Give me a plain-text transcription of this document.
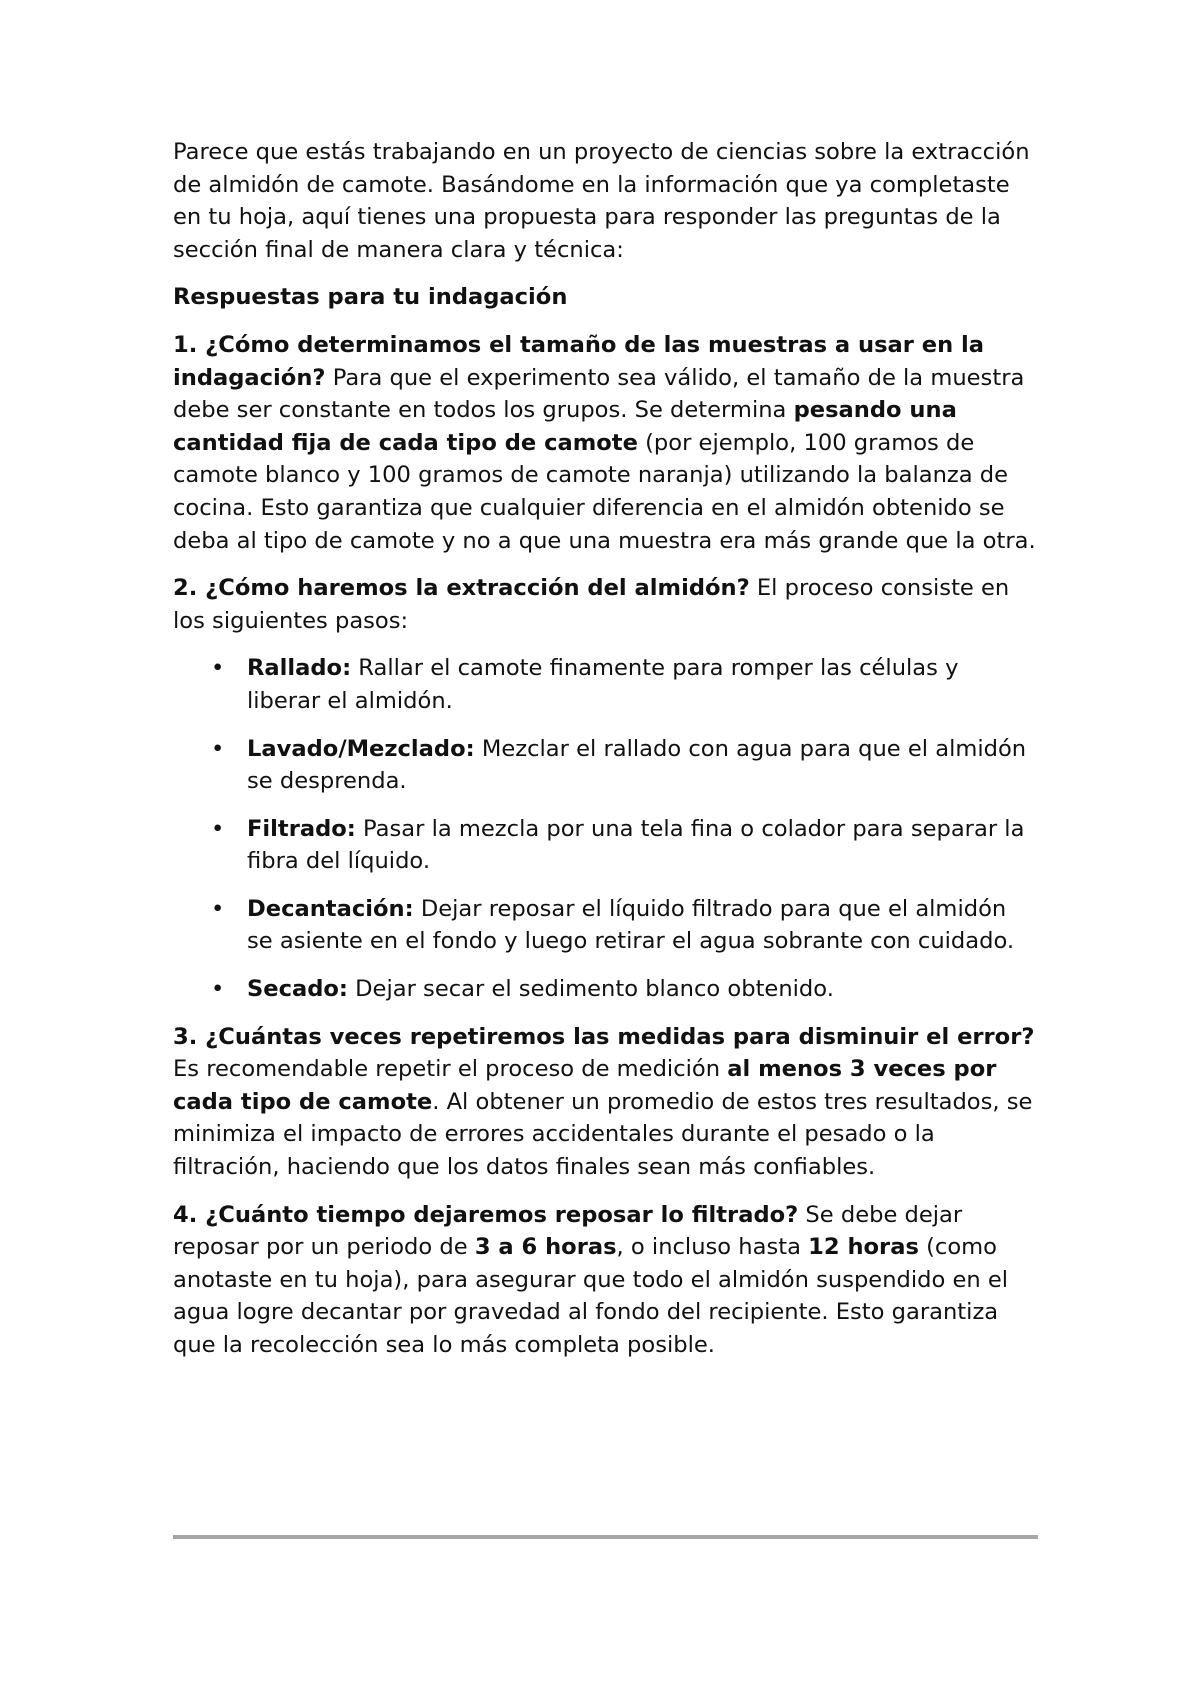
Parece que estás trabajando en un proyecto de ciencias sobre la extracción de almidón de camote. Basándome en la información que ya completaste en tu hoja, aquí tienes una propuesta para responder las preguntas de la sección final de manera clara y técnica:

Respuestas para tu indagación

1. ¿Cómo determinamos el tamaño de las muestras a usar en la indagación? Para que el experimento sea válido, el tamaño de la muestra debe ser constante en todos los grupos. Se determina pesando una cantidad fija de cada tipo de camote (por ejemplo, 100 gramos de camote blanco y 100 gramos de camote naranja) utilizando la balanza de cocina. Esto garantiza que cualquier diferencia en el almidón obtenido se deba al tipo de camote y no a que una muestra era más grande que la otra.

2. ¿Cómo haremos la extracción del almidón? El proceso consiste en los siguientes pasos:

• Rallado: Rallar el camote finamente para romper las células y liberar el almidón.
• Lavado/Mezclado: Mezclar el rallado con agua para que el almidón se desprenda.
• Filtrado: Pasar la mezcla por una tela fina o colador para separar la fibra del líquido.
• Decantación: Dejar reposar el líquido filtrado para que el almidón se asiente en el fondo y luego retirar el agua sobrante con cuidado.
• Secado: Dejar secar el sedimento blanco obtenido.

3. ¿Cuántas veces repetiremos las medidas para disminuir el error? Es recomendable repetir el proceso de medición al menos 3 veces por cada tipo de camote. Al obtener un promedio de estos tres resultados, se minimiza el impacto de errores accidentales durante el pesado o la filtración, haciendo que los datos finales sean más confiables.

4. ¿Cuánto tiempo dejaremos reposar lo filtrado? Se debe dejar reposar por un periodo de 3 a 6 horas, o incluso hasta 12 horas (como anotaste en tu hoja), para asegurar que todo el almidón suspendido en el agua logre decantar por gravedad al fondo del recipiente. Esto garantiza que la recolección sea lo más completa posible.
